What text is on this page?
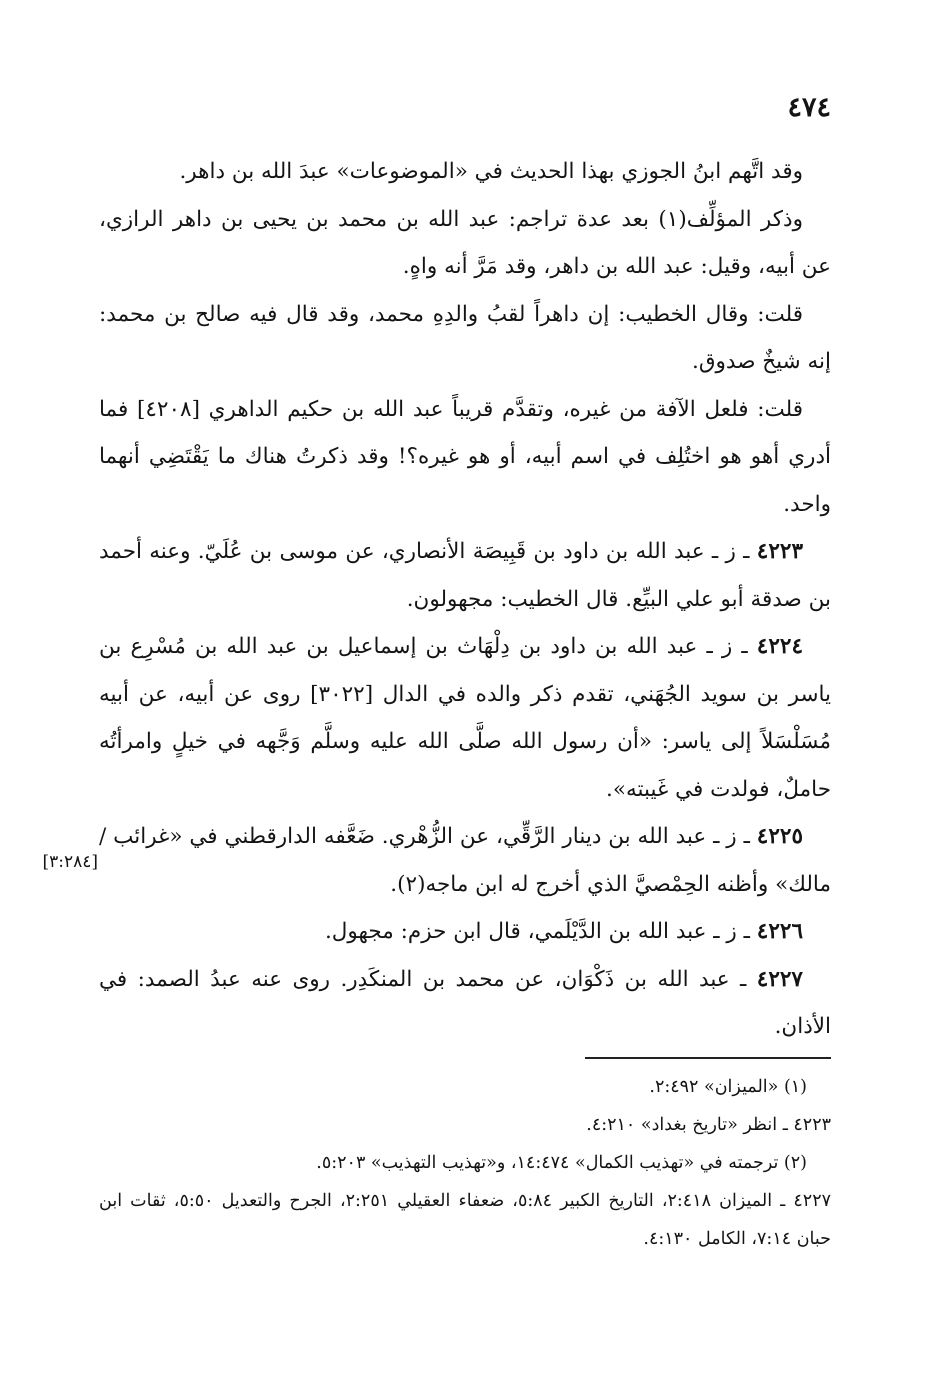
٤٧٤

وقد اتَّهم ابنُ الجوزي بهذا الحديث في «الموضوعات» عبدَ الله بن داهر.

وذكر المؤلِّف(١) بعد عدة تراجم: عبد الله بن محمد بن يحيى بن داهر الرازي، عن أبيه، وقيل: عبد الله بن داهر، وقد مَرَّ أنه واهٍ.

قلت: وقال الخطيب: إن داهراً لقبُ والدِهِ محمد، وقد قال فيه صالح بن محمد: إنه شيخٌ صدوق.

قلت: فلعل الآفة من غيره، وتقدَّم قريباً عبد الله بن حكيم الداهري [٤٢٠٨] فما أدري أهو هو اختُلِف في اسم أبيه، أو هو غيره؟! وقد ذكرتُ هناك ما يَقْتَضِي أنهما واحد.

٤٢٢٣ ـ ز ـ عبد الله بن داود بن قَبِيصَة الأنصاري، عن موسى بن عُلَيّ. وعنه أحمد بن صدقة أبو علي البيِّع. قال الخطيب: مجهولون.

٤٢٢٤ ـ ز ـ عبد الله بن داود بن دِلْهَاث بن إسماعيل بن عبد الله بن مُسْرِع بن ياسر بن سويد الجُهَني، تقدم ذكر والده في الدال [٣٠٢٢] روى عن أبيه، عن أبيه مُسَلْسَلاً إلى ياسر: «أن رسول الله صلَّى الله عليه وسلَّم وَجَّهه في خيلٍ وامرأتُه حاملٌ، فولدت في غَيبته».

٤٢٢٥ ـ ز ـ عبد الله بن دينار الرَّقِّي، عن الزُّهْري. ضَعَّفه الدارقطني في «غرائب / مالك» وأظنه الحِمْصيَّ الذي أخرج له ابن ماجه(٢).

٤٢٢٦ ـ ز ـ عبد الله بن الدَّيْلَمي، قال ابن حزم: مجهول.

٤٢٢٧ ـ عبد الله بن ذَكْوَان، عن محمد بن المنكَدِر. روى عنه عبدُ الصمد: في الأذان.

[٣:٢٨٤]

(١) «الميزان» ٢:٤٩٢.

٤٢٢٣ ـ انظر «تاريخ بغداد» ٤:٢١٠.

(٢) ترجمته في «تهذيب الكمال» ١٤:٤٧٤، و«تهذيب التهذيب» ٥:٢٠٣.

٤٢٢٧ ـ الميزان ٢:٤١٨، التاريخ الكبير ٥:٨٤، ضعفاء العقيلي ٢:٢٥١، الجرح والتعديل ٥:٥٠، ثقات ابن حبان ٧:١٤، الكامل ٤:١٣٠.
